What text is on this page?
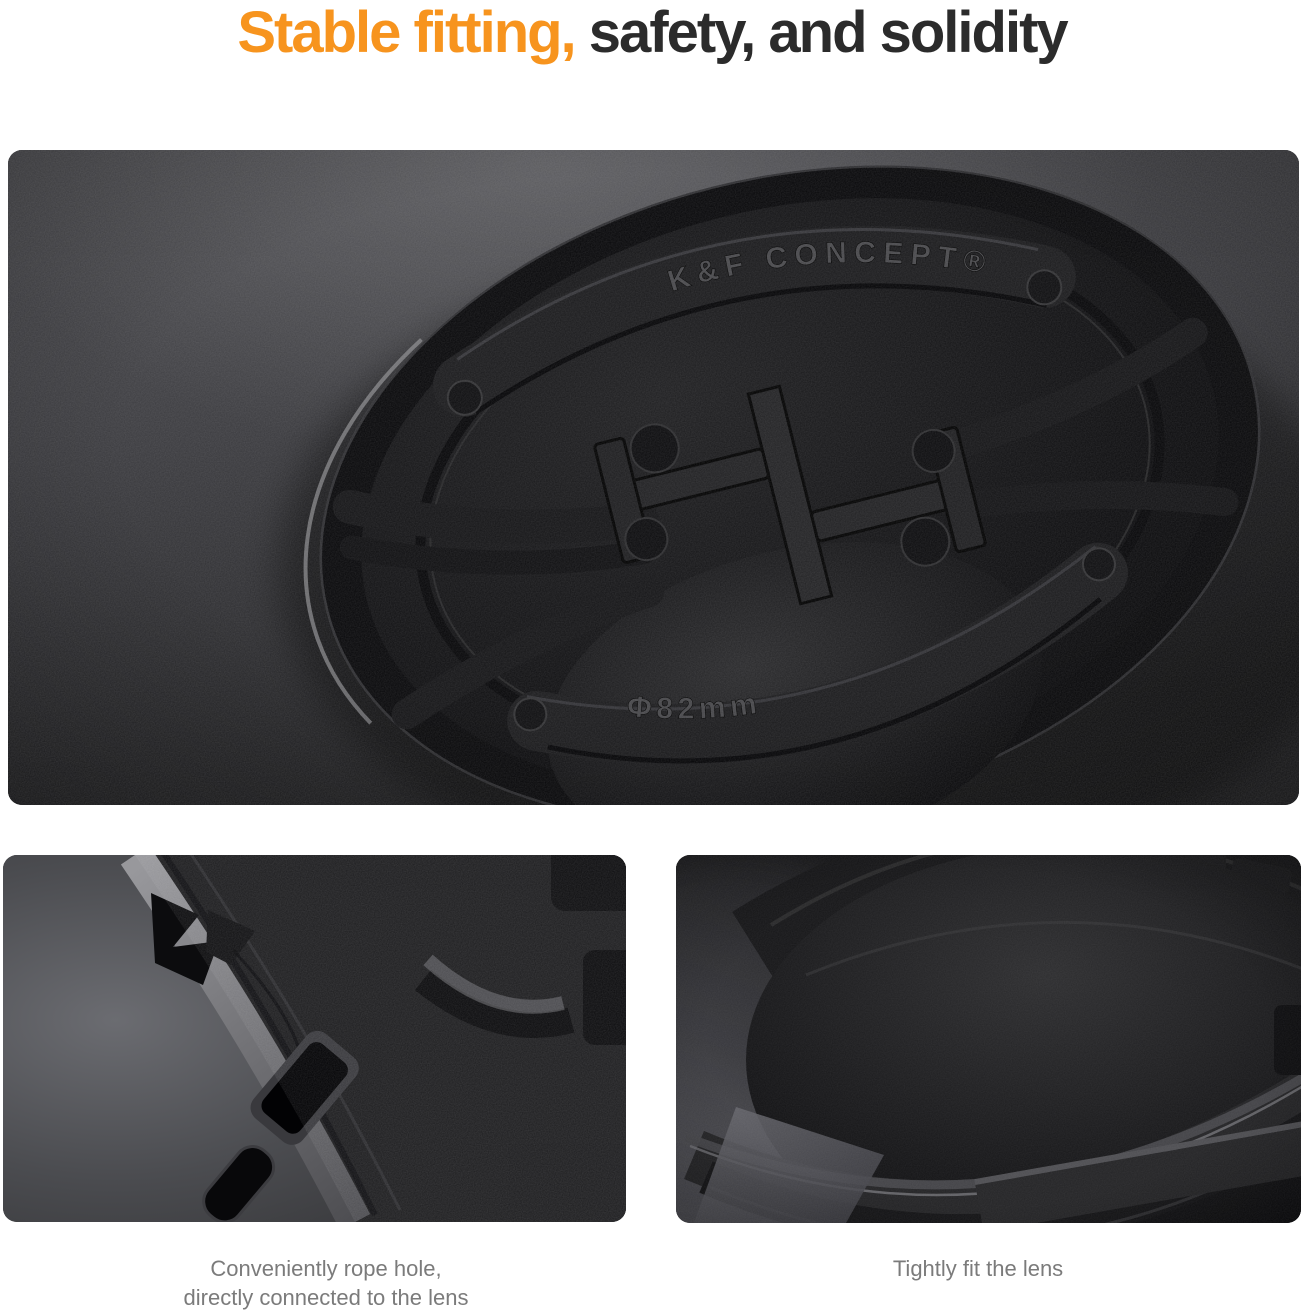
Stable fitting, safety, and solidity
Conveniently rope hole,
directly connected to the lens
Tightly fit the lens
